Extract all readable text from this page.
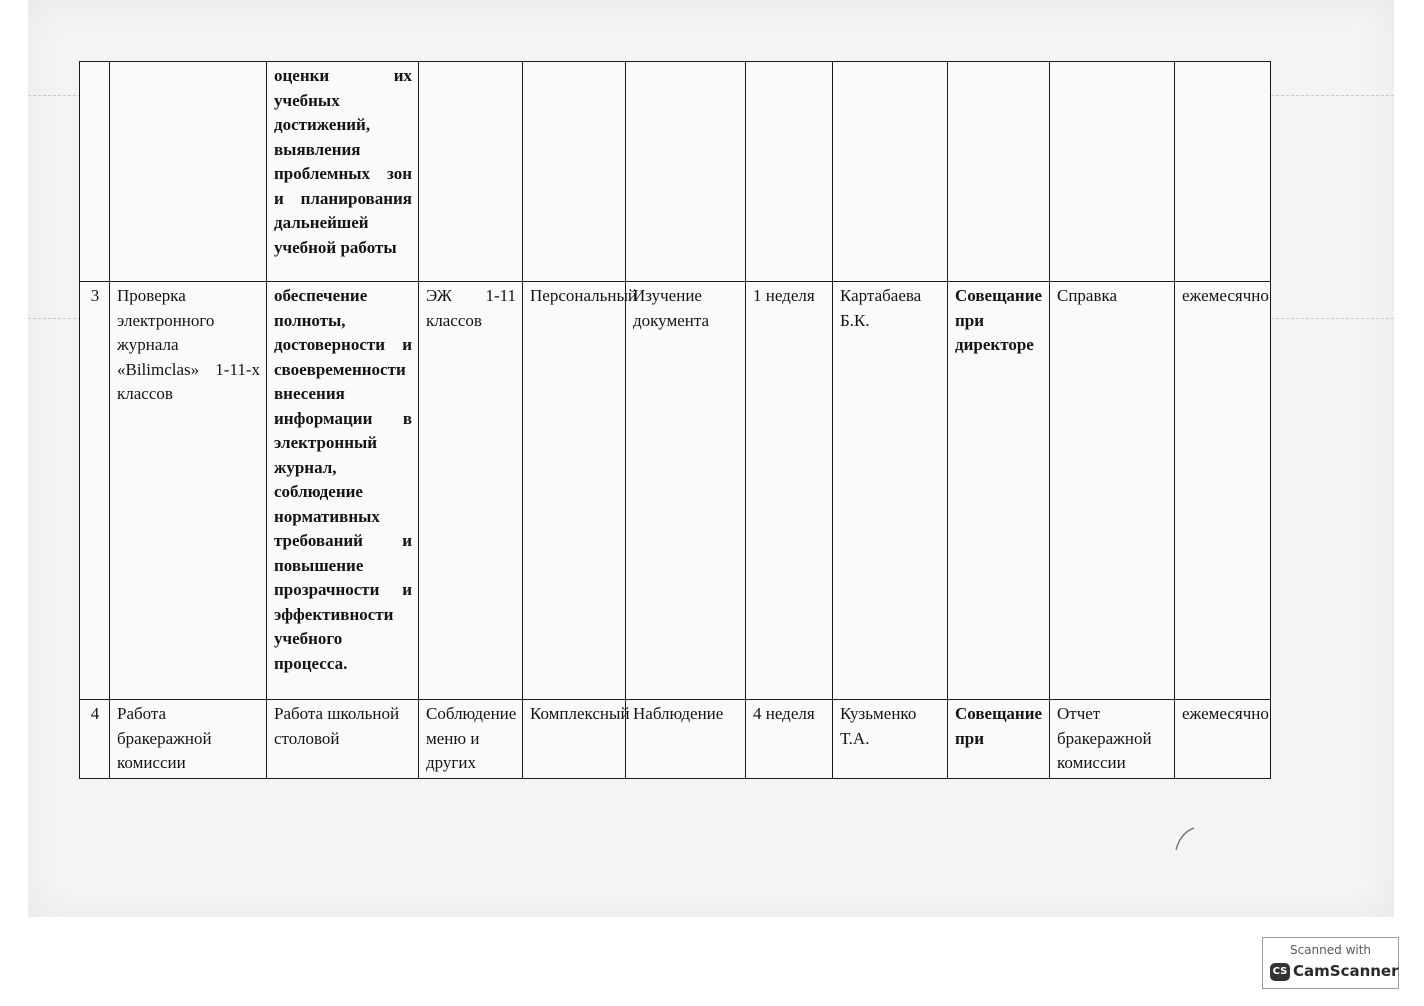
		оценки их учебных достижений, выявления проблемных зон и планирования дальнейшей учебной работы								
3	Проверка электронного журнала «Bilimclas» 1-11-х классов	обеспечение полноты, достоверности и своевременности внесения информации в электронный журнал, соблюдение нормативных требований и повышение прозрачности и эффективности учебного процесса.	ЭЖ 1-11 классов	Персональный	Изучение документа	1 неделя	Картабаева Б.К.	Совещание при директоре	Справка	ежемесячно
4	Работа бракеражной комиссии	Работа школьной столовой	Соблюдение меню и других	Комплексный	Наблюдение	4 неделя	Кузьменко Т.А.	Совещание при	Отчет бракеражной комиссии	ежемесячно
Scanned with
CS CamScanner
